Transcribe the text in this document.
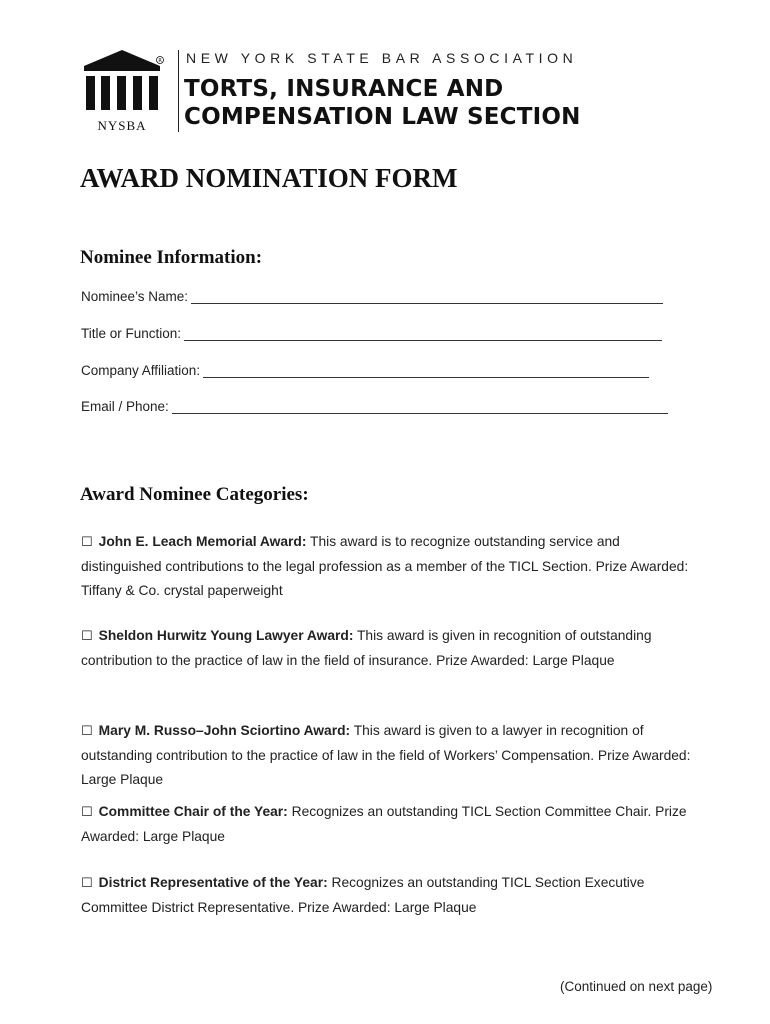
R
NYSBA
NEW YORK STATE BAR ASSOCIATION
TORTS, INSURANCE AND
COMPENSATION LAW SECTION
AWARD NOMINATION FORM
Nominee Information:
Nominee’s Name:
Title or Function:
Company Affiliation:
Email / Phone:
Award Nominee Categories:
☐ John E. Leach Memorial Award: This award is to recognize outstanding service and distinguished contributions to the legal profession as a member of the TICL Section. Prize Awarded: Tiffany & Co. crystal paperweight
☐ Sheldon Hurwitz Young Lawyer Award: This award is given in recognition of outstanding contribution to the practice of law in the field of insurance. Prize Awarded: Large Plaque
☐ Mary M. Russo–John Sciortino Award: This award is given to a lawyer in recognition of outstanding contribution to the practice of law in the field of Workers’ Compensation. Prize Awarded: Large Plaque
☐ Committee Chair of the Year: Recognizes an outstanding TICL Section Committee Chair. Prize Awarded: Large Plaque
☐ District Representative of the Year: Recognizes an outstanding TICL Section Executive Committee District Representative. Prize Awarded: Large Plaque
(Continued on next page)
